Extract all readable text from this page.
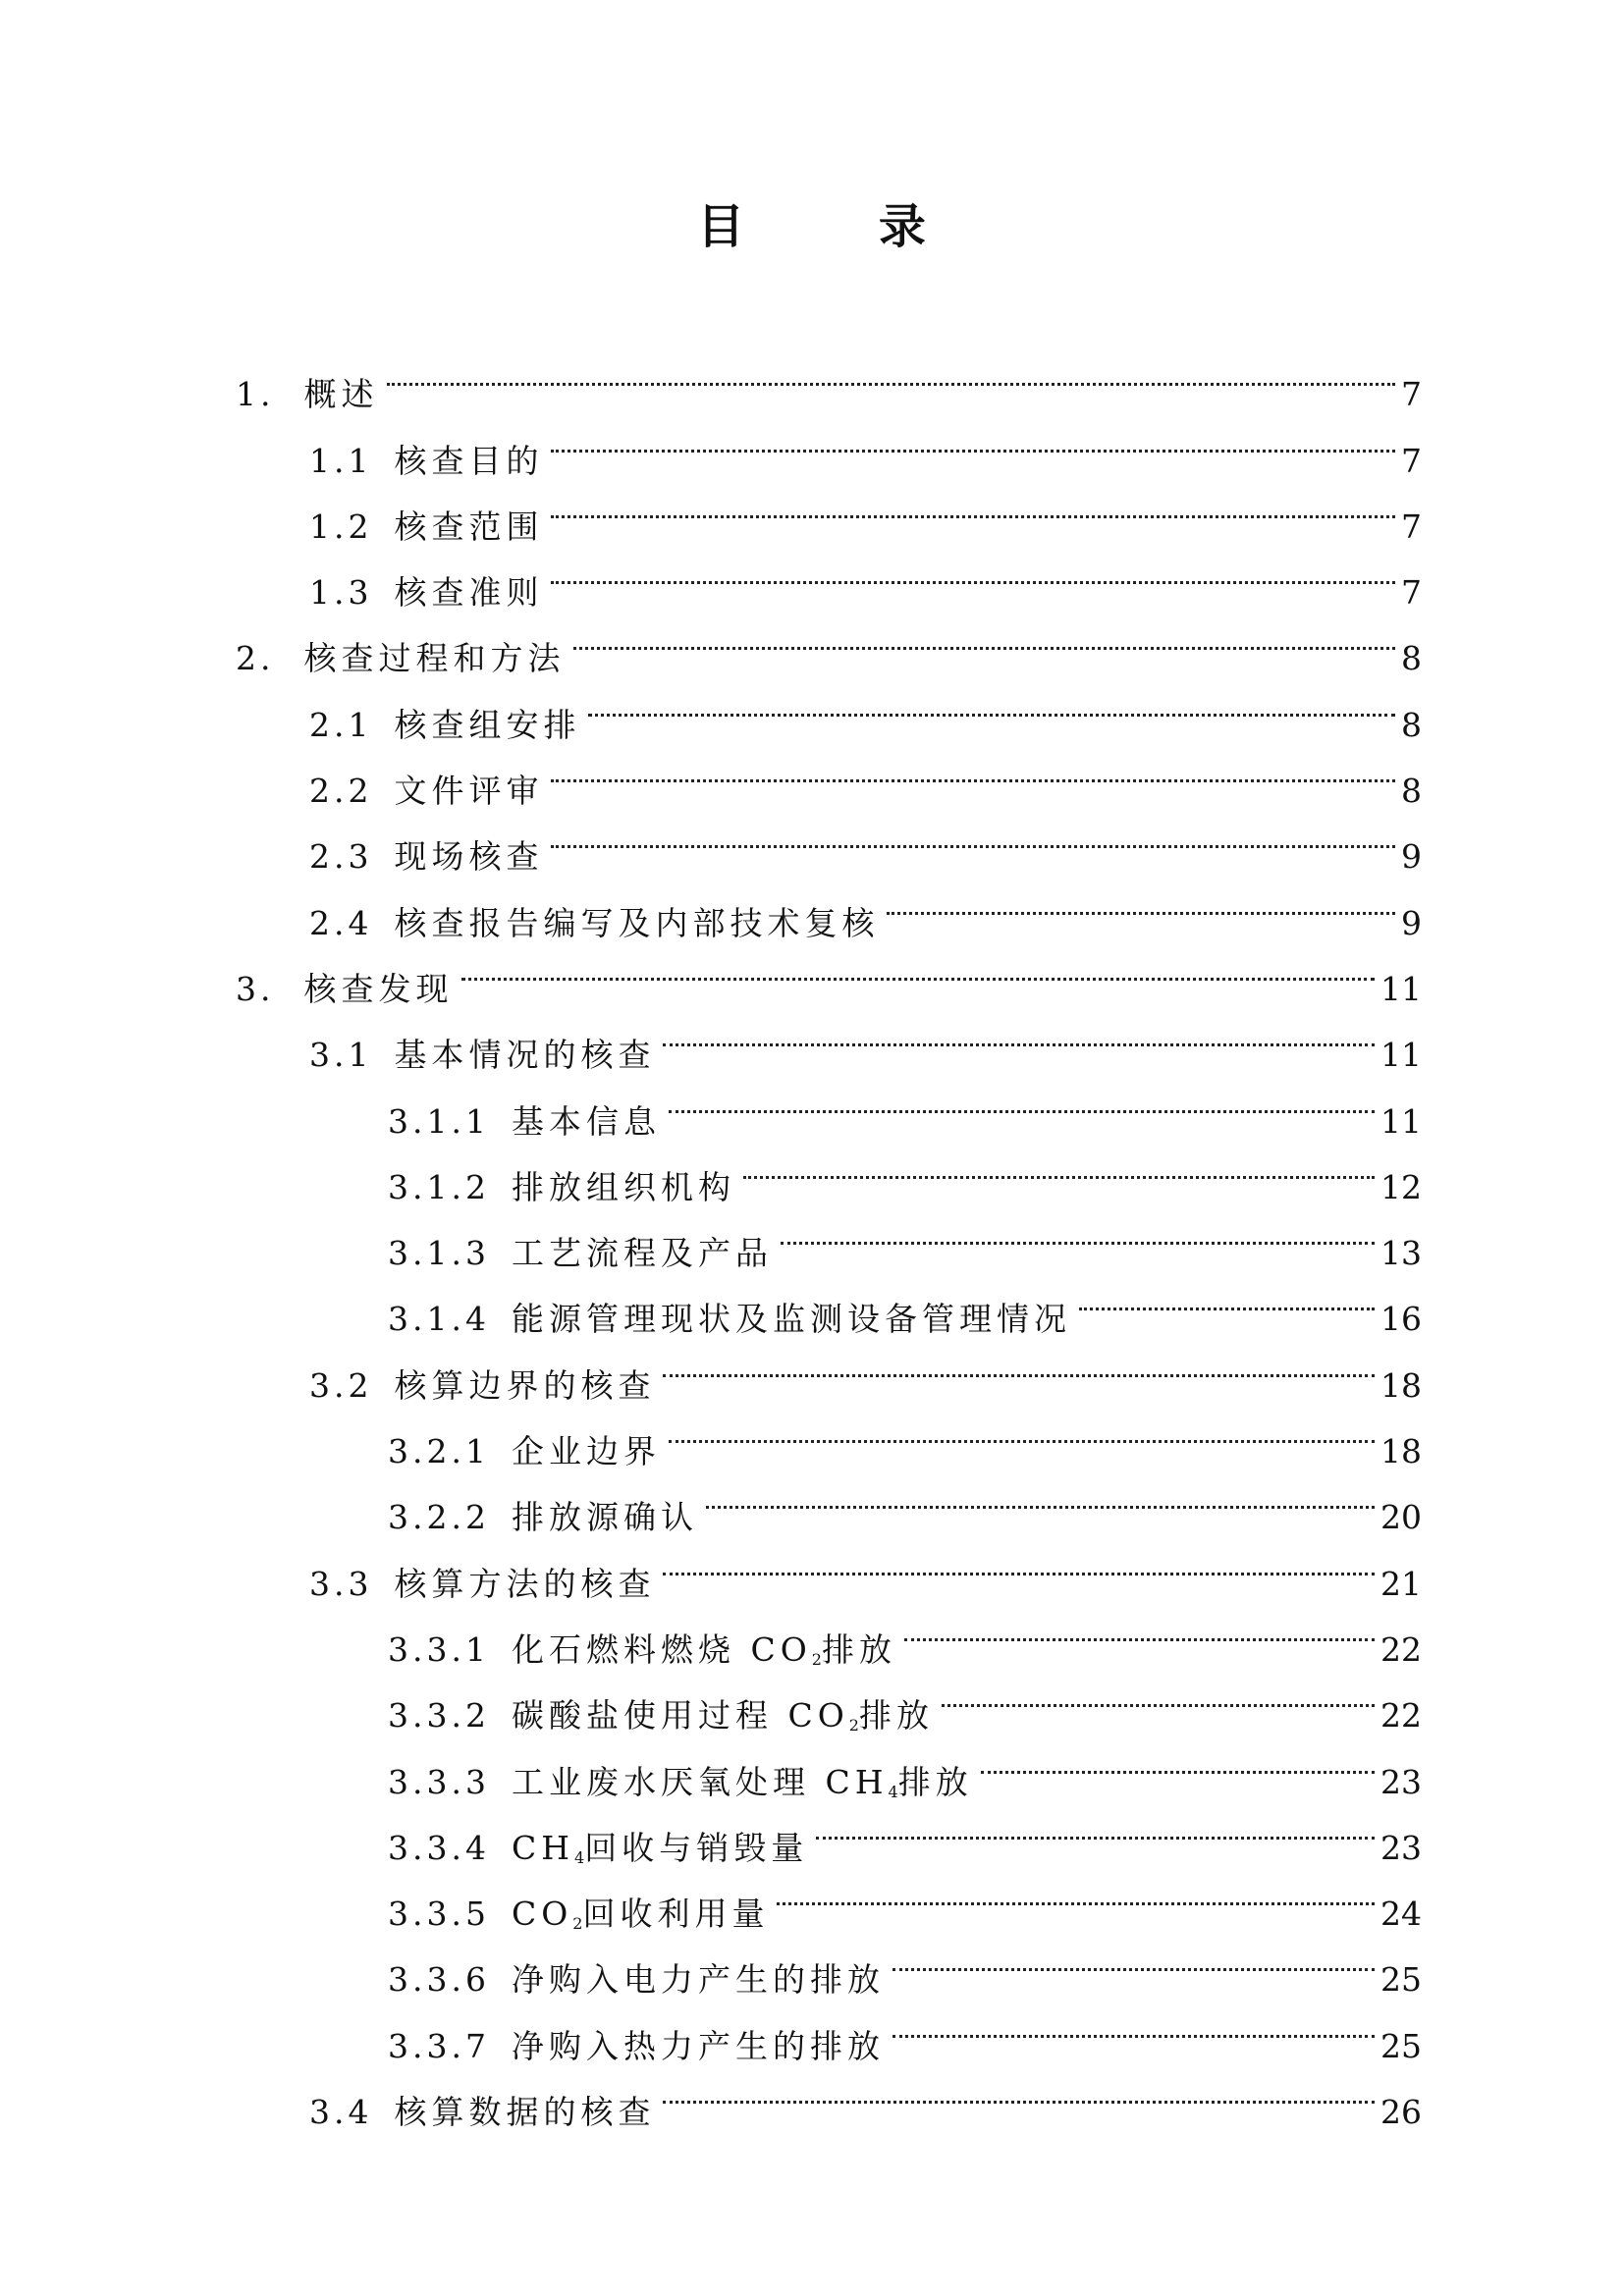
目 录
1. 概述	7
1.1 核查目的	7
1.2 核查范围	7
1.3 核查准则	7
2. 核查过程和方法	8
2.1 核查组安排	8
2.2 文件评审	8
2.3 现场核查	9
2.4 核查报告编写及内部技术复核	9
3. 核查发现	11
3.1 基本情况的核查	11
3.1.1 基本信息	11
3.1.2 排放组织机构	12
3.1.3 工艺流程及产品	13
3.1.4 能源管理现状及监测设备管理情况	16
3.2 核算边界的核查	18
3.2.1 企业边界	18
3.2.2 排放源确认	20
3.3 核算方法的核查	21
3.3.1 化石燃料燃烧 $CO_2$排放	22
3.3.2 碳酸盐使用过程 $CO_2$排放	22
3.3.3 工业废水厌氧处理 $CH_4$排放	23
3.3.4 $CH_4$回收与销毁量	23
3.3.5 $CO_2$回收利用量	24
3.3.6 净购入电力产生的排放	25
3.3.7 净购入热力产生的排放	25
3.4 核算数据的核查	26
